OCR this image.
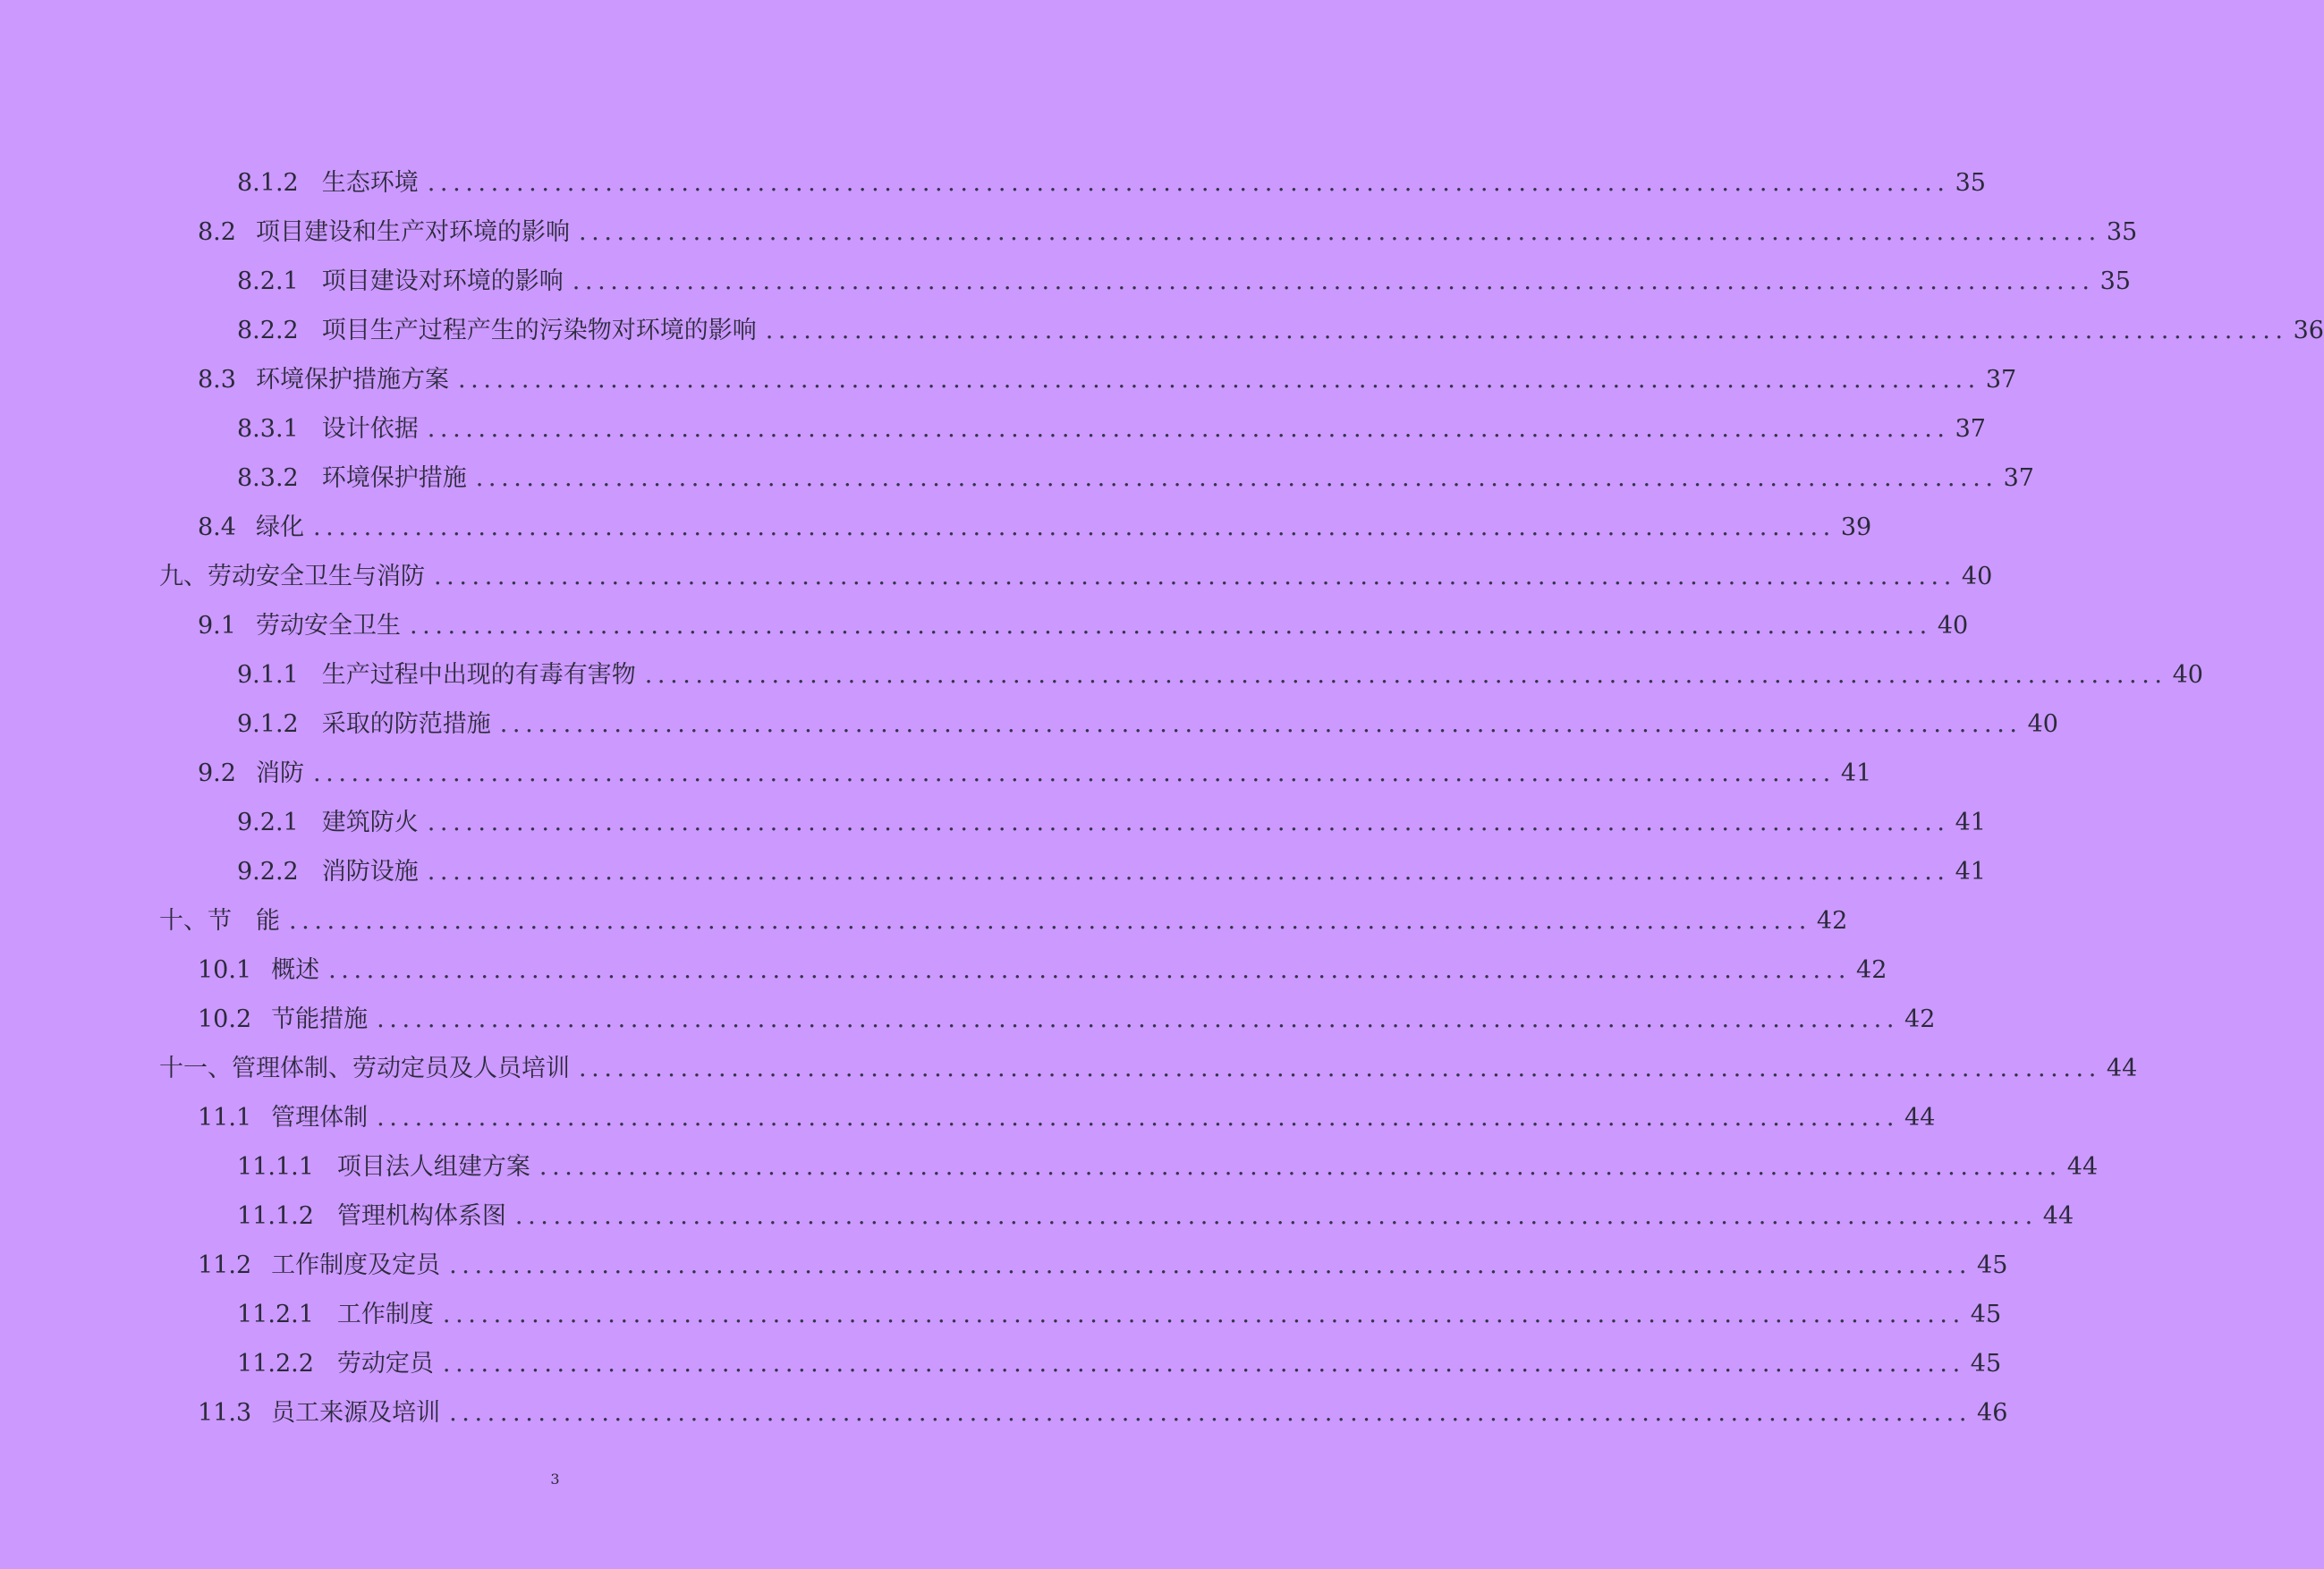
8.1.2 生态环境 ........................................................................................................................ 35
8.2 项目建设和生产对环境的影响 ........................................................................................................................ 35
8.2.1 项目建设对环境的影响 ........................................................................................................................ 35
8.2.2 项目生产过程产生的污染物对环境的影响 ........................................................................................................................ 36
8.3 环境保护措施方案 ........................................................................................................................ 37
8.3.1 设计依据 ........................................................................................................................ 37
8.3.2 环境保护措施 ........................................................................................................................ 37
8.4 绿化 ........................................................................................................................ 39
九、劳动安全卫生与消防 ........................................................................................................................ 40
9.1 劳动安全卫生 ........................................................................................................................ 40
9.1.1 生产过程中出现的有毒有害物 ........................................................................................................................ 40
9.1.2 采取的防范措施 ........................................................................................................................ 40
9.2 消防 ........................................................................................................................ 41
9.2.1 建筑防火 ........................................................................................................................ 41
9.2.2 消防设施 ........................................................................................................................ 41
十、节　能 ........................................................................................................................ 42
10.1 概述 ........................................................................................................................ 42
10.2 节能措施 ........................................................................................................................ 42
十一、管理体制、劳动定员及人员培训 ........................................................................................................................ 44
11.1 管理体制 ........................................................................................................................ 44
11.1.1 项目法人组建方案 ........................................................................................................................ 44
11.1.2 管理机构体系图 ........................................................................................................................ 44
11.2 工作制度及定员 ........................................................................................................................ 45
11.2.1 工作制度 ........................................................................................................................ 45
11.2.2 劳动定员 ........................................................................................................................ 45
11.3 员工来源及培训 ........................................................................................................................ 46
3
